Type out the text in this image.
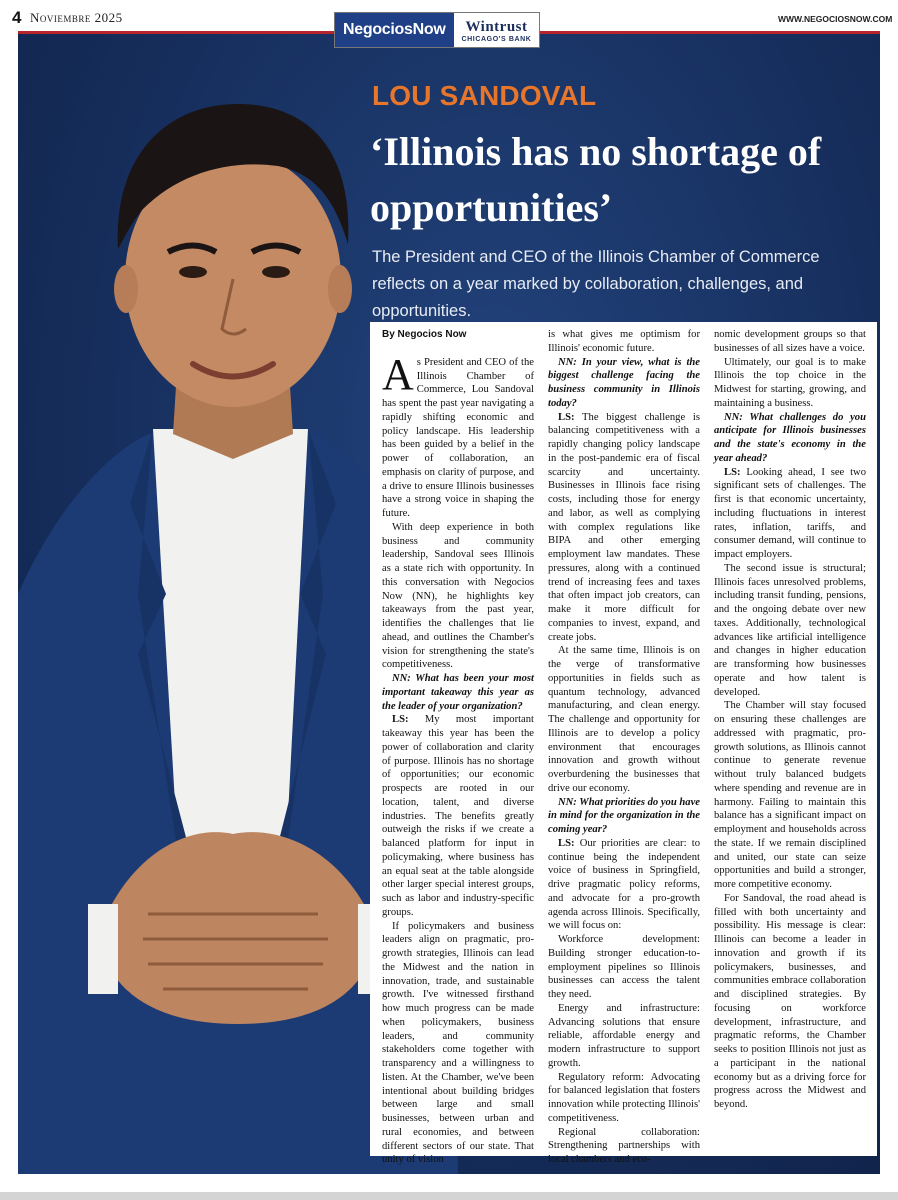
4 Noviembre 2025	WWW.NEGOCIOSNOW.COM
NegociosNow	Wintrust
CHICAGO'S BANK
LOU SANDOVAL
‘Illinois has no shortage of opportunities’
The President and CEO of the Illinois Chamber of Commerce reflects on a year marked by collaboration, challenges, and opportunities.

By Negocios Now

As President and CEO of the Illinois Chamber of Commerce, Lou Sandoval has spent the past year navigating a rapidly shifting economic and policy landscape. His leadership has been guided by a belief in the power of collaboration, an emphasis on clarity of purpose, and a drive to ensure Illinois businesses have a strong voice in shaping the future.

With deep experience in both business and community leadership, Sandoval sees Illinois as a state rich with opportunity. In this conversation with Negocios Now (NN), he highlights key takeaways from the past year, identifies the challenges that lie ahead, and outlines the Chamber's vision for strengthening the state's competitiveness.

NN: What has been your most important takeaway this year as the leader of your organization?

LS: My most important takeaway this year has been the power of collaboration and clarity of purpose. Illinois has no shortage of opportunities; our economic prospects are rooted in our location, talent, and diverse industries. The benefits greatly outweigh the risks if we create a balanced platform for input in policymaking, where business has an equal seat at the table alongside other larger special interest groups, such as labor and industry-specific groups.

If policymakers and business leaders align on pragmatic, pro-growth strategies, Illinois can lead the Midwest and the nation in innovation, trade, and sustainable growth. I've witnessed firsthand how much progress can be made when policymakers, business leaders, and community stakeholders come together with transparency and a willingness to listen. At the Chamber, we've been intentional about building bridges between large and small businesses, between urban and rural economies, and between different sectors of our state. That unity of vision

is what gives me optimism for Illinois' economic future.

NN: In your view, what is the biggest challenge facing the business community in Illinois today?

LS: The biggest challenge is balancing competitiveness with a rapidly changing policy landscape in the post-pandemic era of fiscal scarcity and uncertainty. Businesses in Illinois face rising costs, including those for energy and labor, as well as complying with complex regulations like BIPA and other emerging employment law mandates. These pressures, along with a continued trend of increasing fees and taxes that often impact job creators, can make it more difficult for companies to invest, expand, and create jobs.

At the same time, Illinois is on the verge of transformative opportunities in fields such as quantum technology, advanced manufacturing, and clean energy. The challenge and opportunity for Illinois are to develop a policy environment that encourages innovation and growth without overburdening the businesses that drive our economy.

NN: What priorities do you have in mind for the organization in the coming year?

LS: Our priorities are clear: to continue being the independent voice of business in Springfield, drive pragmatic policy reforms, and advocate for a pro-growth agenda across Illinois. Specifically, we will focus on:

Workforce development: Building stronger education-to-employment pipelines so Illinois businesses can access the talent they need.

Energy and infrastructure: Advancing solutions that ensure reliable, affordable energy and modern infrastructure to support growth.

Regulatory reform: Advocating for balanced legislation that fosters innovation while protecting Illinois' competitiveness.

Regional collaboration: Strengthening partnerships with local chambers and eco-

nomic development groups so that businesses of all sizes have a voice.

Ultimately, our goal is to make Illinois the top choice in the Midwest for starting, growing, and maintaining a business.

NN: What challenges do you anticipate for Illinois businesses and the state's economy in the year ahead?

LS: Looking ahead, I see two significant sets of challenges. The first is that economic uncertainty, including fluctuations in interest rates, inflation, tariffs, and consumer demand, will continue to impact employers.

The second issue is structural; Illinois faces unresolved problems, including transit funding, pensions, and the ongoing debate over new taxes. Additionally, technological advances like artificial intelligence and changes in higher education are transforming how businesses operate and how talent is developed.

The Chamber will stay focused on ensuring these challenges are addressed with pragmatic, pro-growth solutions, as Illinois cannot continue to generate revenue without truly balanced budgets where spending and revenue are in harmony. Failing to maintain this balance has a significant impact on employment and households across the state. If we remain disciplined and united, our state can seize opportunities and build a stronger, more competitive economy.

For Sandoval, the road ahead is filled with both uncertainty and possibility. His message is clear: Illinois can become a leader in innovation and growth if its policymakers, businesses, and communities embrace collaboration and disciplined strategies. By focusing on workforce development, infrastructure, and pragmatic reforms, the Chamber seeks to position Illinois not just as a participant in the national economy but as a driving force for progress across the Midwest and beyond.
